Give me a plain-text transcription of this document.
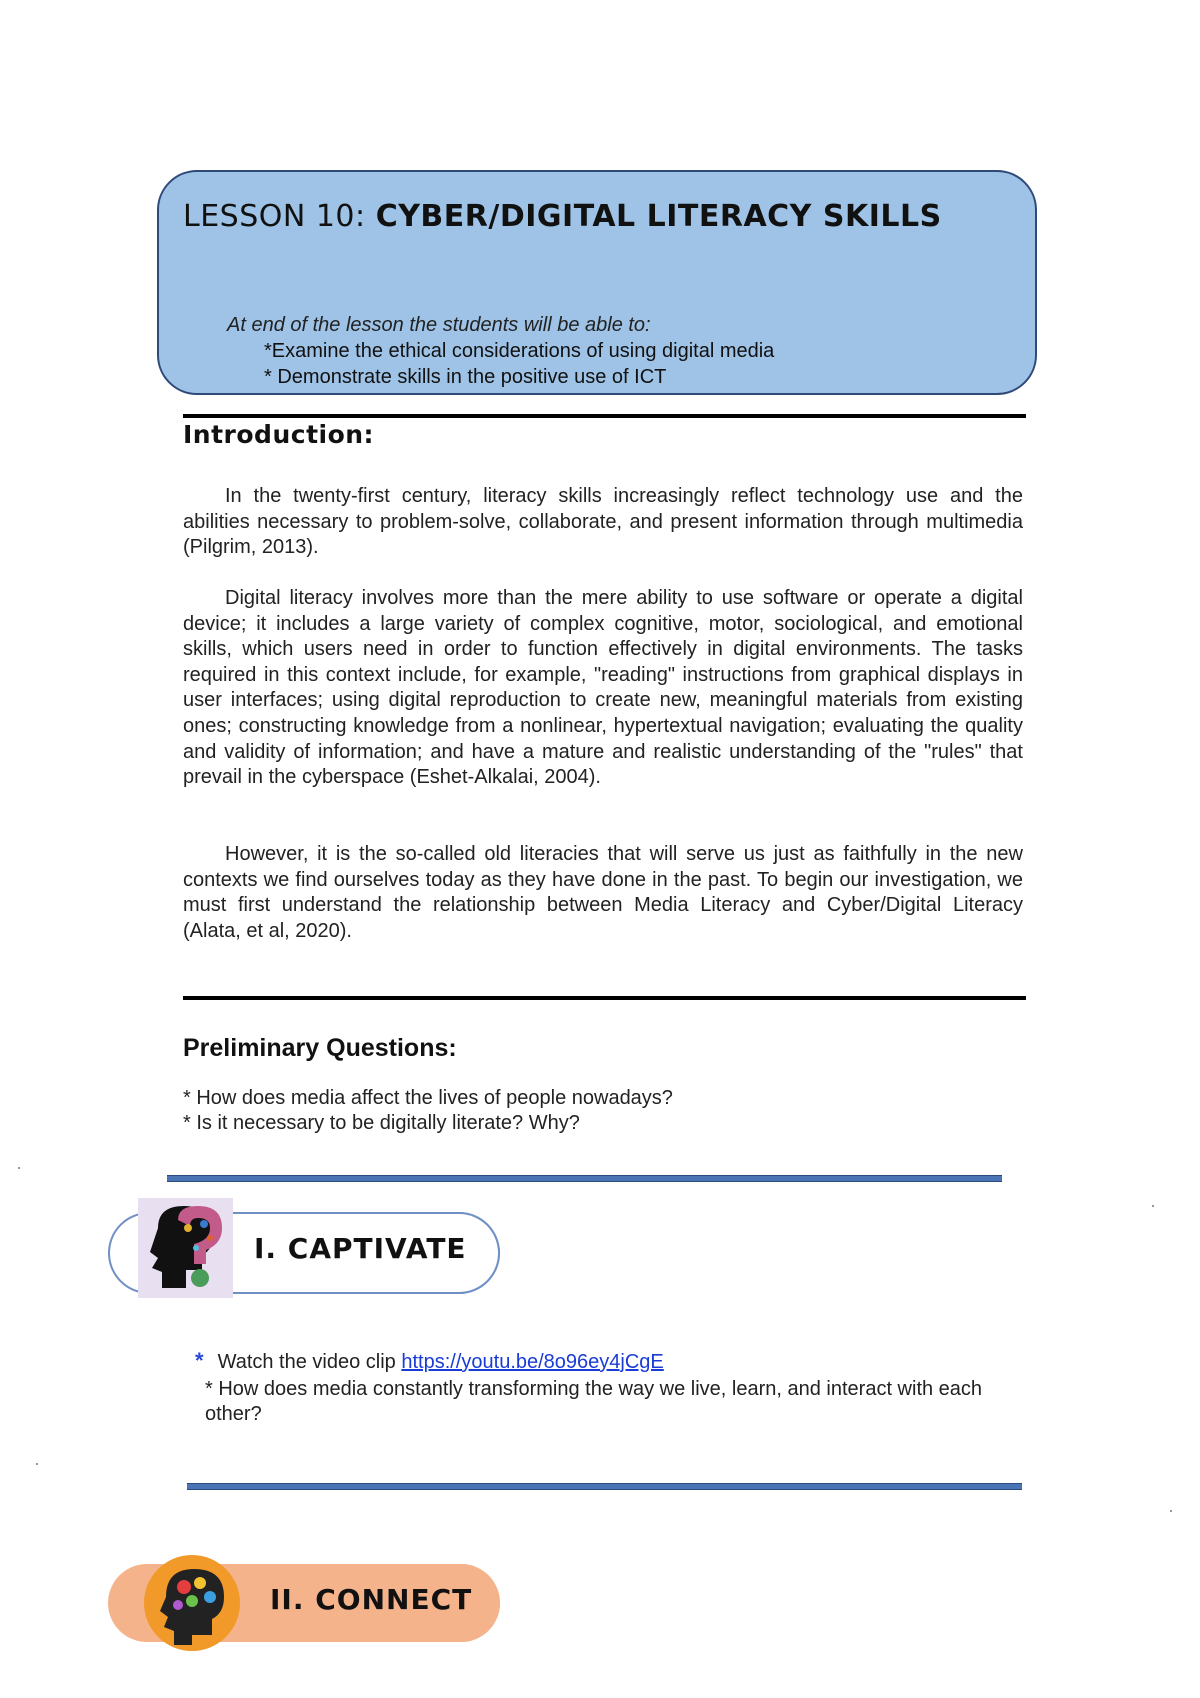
LESSON 10: CYBER/DIGITAL LITERACY SKILLS
At end of the lesson the students will be able to:
*Examine the ethical considerations of using digital media
* Demonstrate skills in the positive use of ICT
Introduction:

In the twenty-first century, literacy skills increasingly reflect technology use and the abilities necessary to problem-solve, collaborate, and present information through multimedia (Pilgrim, 2013).

Digital literacy involves more than the mere ability to use software or operate a digital device; it includes a large variety of complex cognitive, motor, sociological, and emotional skills, which users need in order to function effectively in digital environments. The tasks required in this context include, for example, "reading" instructions from graphical displays in user interfaces; using digital reproduction to create new, meaningful materials from existing ones; constructing knowledge from a nonlinear, hypertextual navigation; evaluating the quality and validity of information; and have a mature and realistic understanding of the "rules" that prevail in the cyberspace (Eshet-Alkalai, 2004).

However, it is the so-called old literacies that will serve us just as faithfully in the new contexts we find ourselves today as they have done in the past. To begin our investigation, we must first understand the relationship between Media Literacy and Cyber/Digital Literacy (Alata, et al, 2020).

Preliminary Questions:
* How does media affect the lives of people nowadays?
* Is it necessary to be digitally literate? Why?
I. CAPTIVATE
* Watch the video clip https://youtu.be/8o96ey4jCgE
* How does media constantly transforming the way we live, learn, and interact with each other?
II. CONNECT
